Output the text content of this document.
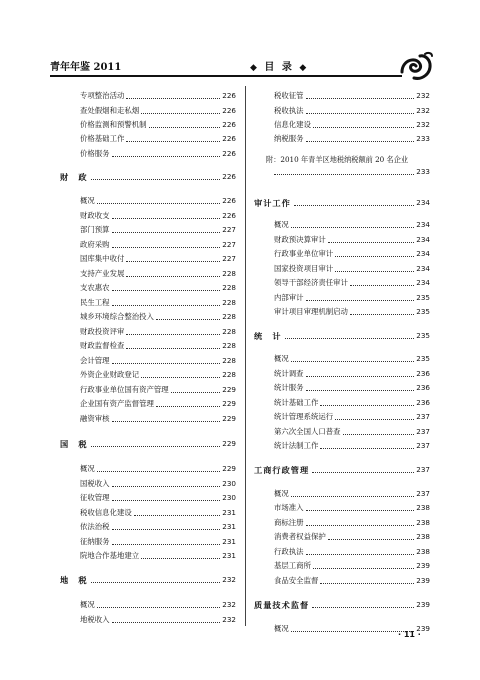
青年年鉴 2011	◆ 目 录 ◆
专项整治活动	226
查处假烟和走私烟	226
价格监测和预警机制	226
价格基础工作	226
价格服务	226
财　政	226
概况	226
财政收支	226
部门预算	227
政府采购	227
国库集中收付	227
支持产业发展	228
支农惠农	228
民生工程	228
城乡环境综合整治投入	228
财政投资评审	228
财政监督检查	228
会计管理	228
外资企业财政登记	228
行政事业单位国有资产管理	229
企业国有资产监督管理	229
融资审核	229
国　税	229
概况	229
国税收入	230
征收管理	230
税收信息化建设	231
依法治税	231
征纳服务	231
院地合作基地建立	231
地　税	232
概况	232
地税收入	232
税收征管	232
税收执法	232
信息化建设	232
纳税服务	233
附：2010 年青羊区地税纳税额前 20 名企业
233
审计工作	234
概况	234
财政预决算审计	234
行政事业单位审计	234
国家投资项目审计	234
领导干部经济责任审计	234
内部审计	235
审计项目审理机制启动	235
统　计	235
概况	235
统计调查	236
统计服务	236
统计基础工作	236
统计管理系统运行	237
第六次全国人口普查	237
统计法制工作	237
工商行政管理	237
概况	237
市场准入	238
商标注册	238
消费者权益保护	238
行政执法	238
基层工商所	239
食品安全监督	239
质量技术监督	239
概况	239
· 11 ·
